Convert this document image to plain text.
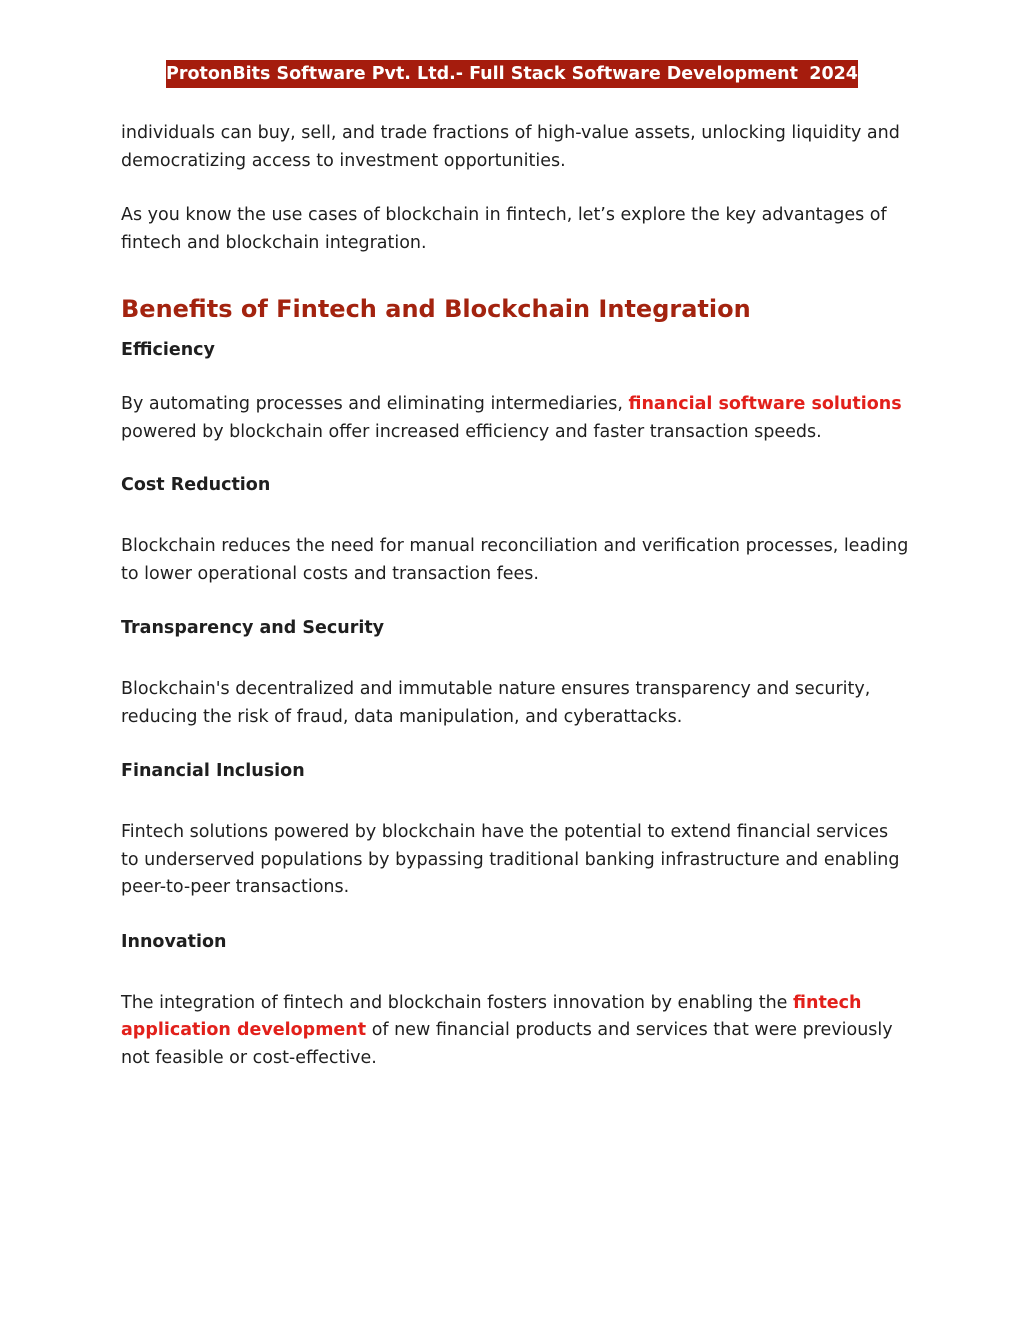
ProtonBits Software Pvt. Ltd.- Full Stack Software Development 2024

individuals can buy, sell, and trade fractions of high-value assets, unlocking liquidity and democratizing access to investment opportunities.

As you know the use cases of blockchain in fintech, let’s explore the key advantages of fintech and blockchain integration.

Benefits of Fintech and Blockchain Integration
Efficiency

By automating processes and eliminating intermediaries, financial software solutions powered by blockchain offer increased efficiency and faster transaction speeds.

Cost Reduction

Blockchain reduces the need for manual reconciliation and verification processes, leading to lower operational costs and transaction fees.

Transparency and Security

Blockchain's decentralized and immutable nature ensures transparency and security, reducing the risk of fraud, data manipulation, and cyberattacks.

Financial Inclusion

Fintech solutions powered by blockchain have the potential to extend financial services to underserved populations by bypassing traditional banking infrastructure and enabling peer-to-peer transactions.

Innovation

The integration of fintech and blockchain fosters innovation by enabling the fintech application development of new financial products and services that were previously not feasible or cost-effective.
